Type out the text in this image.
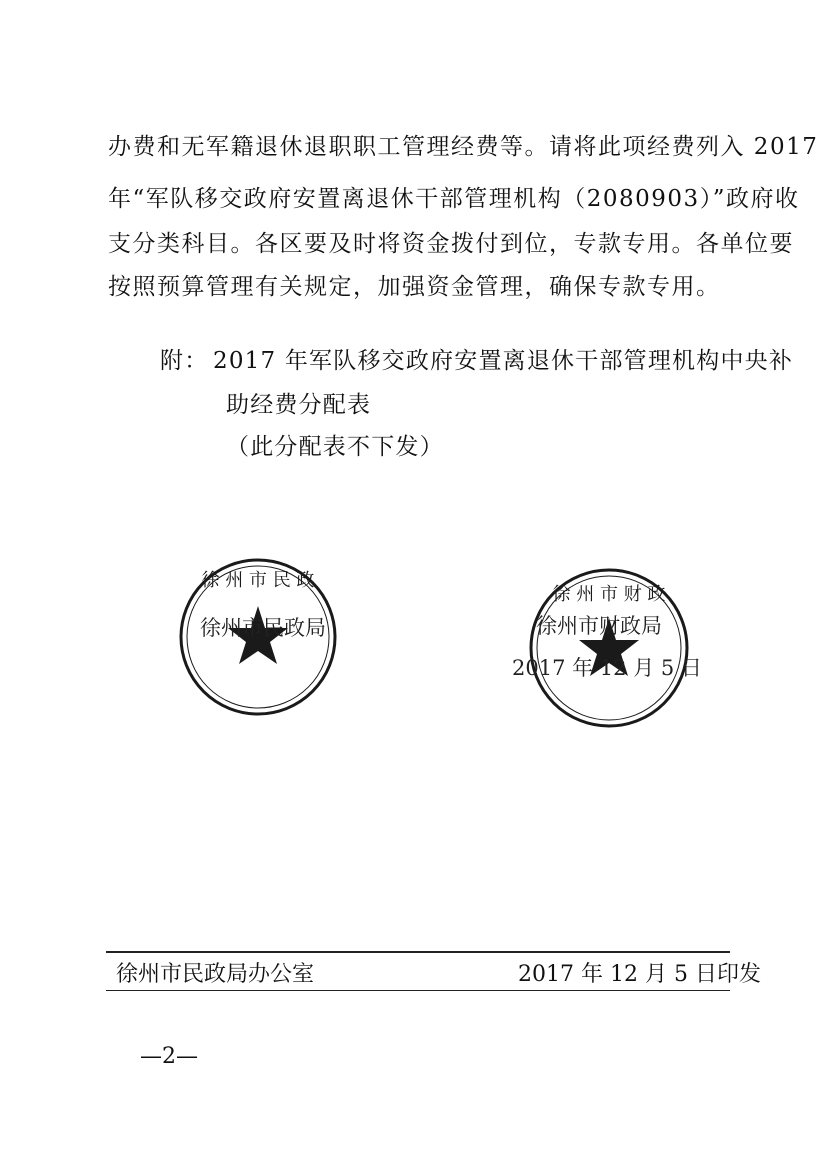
办费和无军籍退休退职职工管理经费等。请将此项经费列入 2017

年“军队移交政府安置离退休干部管理机构（2080903）”政府收

支分类科目。各区要及时将资金拨付到位，专款专用。各单位要

按照预算管理有关规定，加强资金管理，确保专款专用。

附： 2017 年军队移交政府安置离退休干部管理机构中央补

助经费分配表

（此分配表不下发）

徐 州 市 民 政
徐州市民政局
徐 州 市 财 政
徐州市财政局
2017 年 12 月 5 日
徐州市民政局办公室	2017 年 12 月 5 日印发
—2—
